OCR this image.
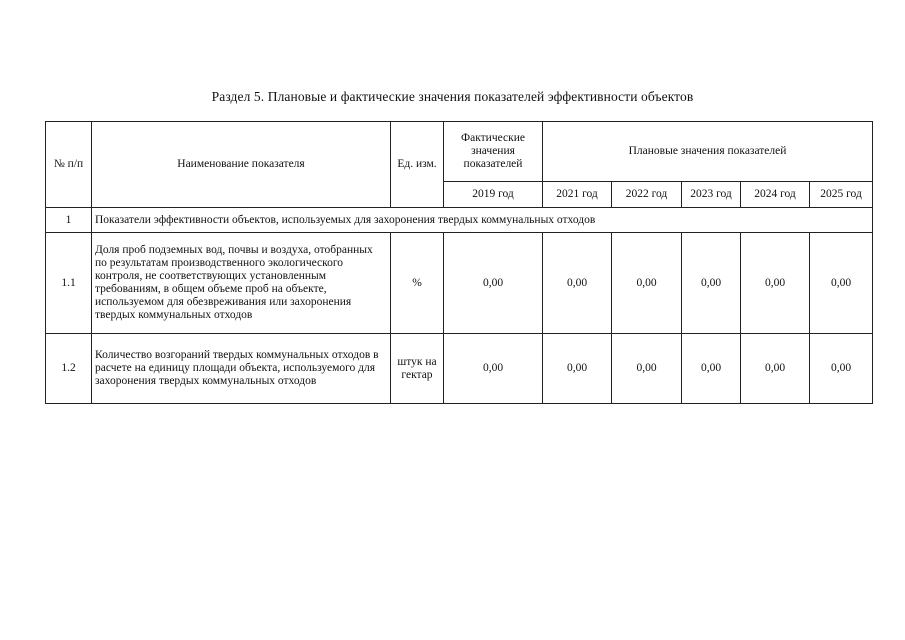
Раздел 5. Плановые и фактические значения показателей эффективности объектов
№ п/п	Наименование показателя	Ед. изм.	Фактические значения показателей	Плановые значения показателей				
			2019 год	2021 год	2022 год	2023 год	2024 год	2025 год
1	Показатели эффективности объектов, используемых для захоронения твердых коммунальных отходов							
1.1	Доля проб подземных вод, почвы и воздуха, отобранных по результатам производственного экологического контроля, не соответствующих установленным требованиям, в общем объеме проб на объекте, используемом для обезвреживания или захоронения твердых коммунальных отходов	%	0,00	0,00	0,00	0,00	0,00	0,00
1.2	Количество возгораний твердых коммунальных отходов в расчете на единицу площади объекта, используемого для захоронения твердых коммунальных отходов	штук на гектар	0,00	0,00	0,00	0,00	0,00	0,00
